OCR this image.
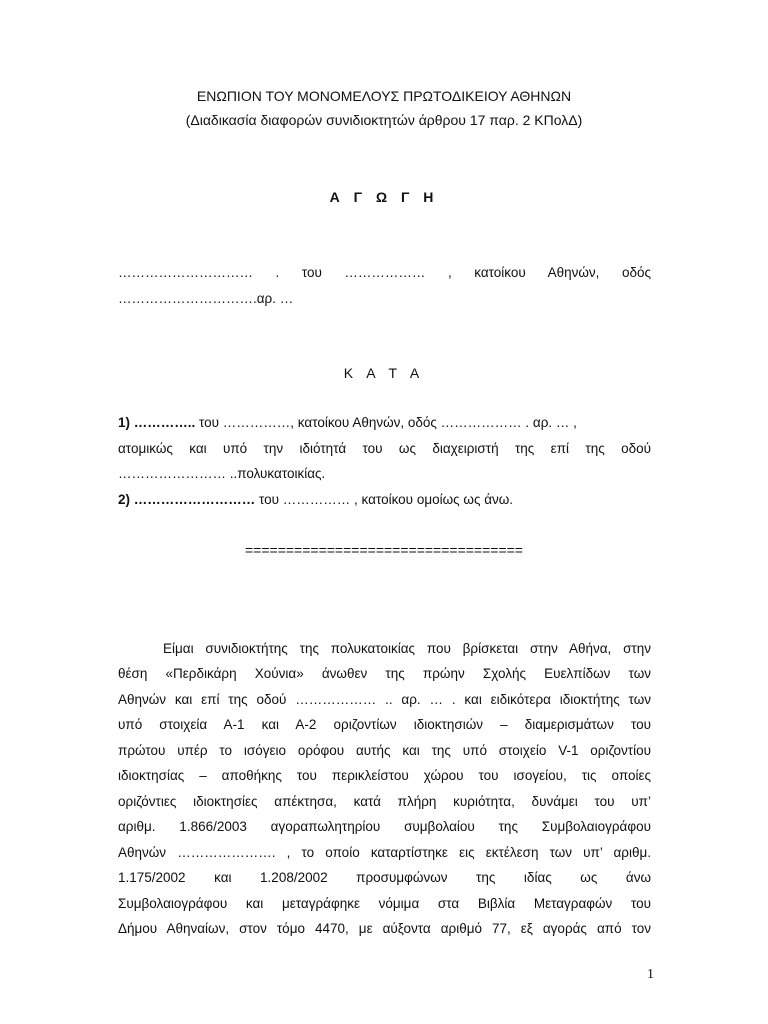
ΕΝΩΠΙΟΝ ΤΟΥ ΜΟΝΟΜΕΛΟΥΣ ΠΡΩΤΟΔΙΚΕΙΟΥ ΑΘΗΝΩΝ
(Διαδικασία διαφορών συνιδιοκτητών άρθρου 17 παρ. 2 ΚΠολΔ)
Α Γ Ω Γ Η
………………………… . του ……………… , κατοίκου Αθηνών, οδός
………………………….αρ. …
Κ Α Τ Α
1) ………….. του ……………, κατοίκου Αθηνών, οδός ……………… . αρ. … ,
ατομικώς και υπό την ιδιότητά του ως διαχειριστή της επί της οδού
…………………… ..πολυκατοικίας.
2) ……………………… του …………… , κατοίκου ομοίως ως άνω.
==================================
Είμαι συνιδιοκτήτης της πολυκατοικίας που βρίσκεται στην Αθήνα, στην
θέση «Περδικάρη Χούνια» άνωθεν της πρώην Σχολής Ευελπίδων των
Αθηνών και επί της οδού ……………… .. αρ. … . και ειδικότερα ιδιοκτήτης των
υπό στοιχεία Α-1 και Α-2 οριζοντίων ιδιοκτησιών – διαμερισμάτων του
πρώτου υπέρ το ισόγειο ορόφου αυτής και της υπό στοιχείο V-1 οριζοντίου
ιδιοκτησίας – αποθήκης του περικλείστου χώρου του ισογείου, τις οποίες
οριζόντιες ιδιοκτησίες απέκτησα, κατά πλήρη κυριότητα, δυνάμει του υπ’
αριθμ. 1.866/2003 αγοραπωλητηρίου συμβολαίου της Συμβολαιογράφου
Αθηνών …………………. , το οποίο καταρτίστηκε εις εκτέλεση των υπ’ αριθμ.
1.175/2002 και 1.208/2002 προσυμφώνων της ιδίας ως άνω
Συμβολαιογράφου και μεταγράφηκε νόμιμα στα Βιβλία Μεταγραφών του
Δήμου Αθηναίων, στον τόμο 4470, με αύξοντα αριθμό 77, εξ αγοράς από τον
1
